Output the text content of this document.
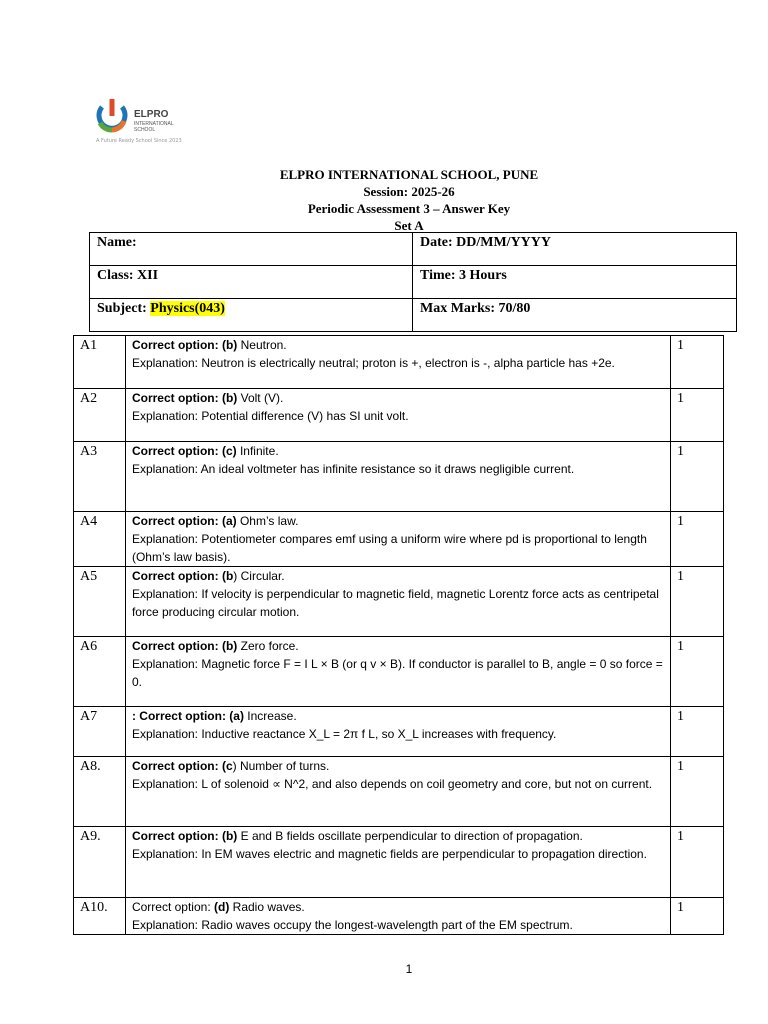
ELPRO
INTERNATIONAL SCHOOL
A Future Ready School Since 2023
ELPRO INTERNATIONAL SCHOOL, PUNE
Session: 2025-26
Periodic Assessment 3 – Answer Key
Set A
Name:	Date: DD/MM/YYYY
Class: XII	Time: 3 Hours
Subject: Physics(043)	Max Marks: 70/80
A1	Correct option: (b) Neutron.
Explanation: Neutron is electrically neutral; proton is +, electron is -, alpha particle has +2e.	1
A2	Correct option: (b) Volt (V).
Explanation: Potential difference (V) has SI unit volt.	1
A3	Correct option: (c) Infinite.
Explanation: An ideal voltmeter has infinite resistance so it draws negligible current.	1
A4	Correct option: (a) Ohm’s law.
Explanation: Potentiometer compares emf using a uniform wire where pd is proportional to length (Ohm’s law basis).	1
A5	Correct option: (b) Circular.
Explanation: If velocity is perpendicular to magnetic field, magnetic Lorentz force acts as centripetal force producing circular motion.	1
A6	Correct option: (b) Zero force.
Explanation: Magnetic force F = I L × B (or q v × B). If conductor is parallel to B, angle = 0 so force = 0.	1
A7	: Correct option: (a) Increase.
Explanation: Inductive reactance X_L = 2π f L, so X_L increases with frequency.	1
A8.	Correct option: (c) Number of turns.
Explanation: L of solenoid ∝ N^2, and also depends on coil geometry and core, but not on current.	1
A9.	Correct option: (b) E and B fields oscillate perpendicular to direction of propagation.
Explanation: In EM waves electric and magnetic fields are perpendicular to propagation direction.	1
A10.	Correct option: (d) Radio waves.
Explanation: Radio waves occupy the longest-wavelength part of the EM spectrum.	1
1
